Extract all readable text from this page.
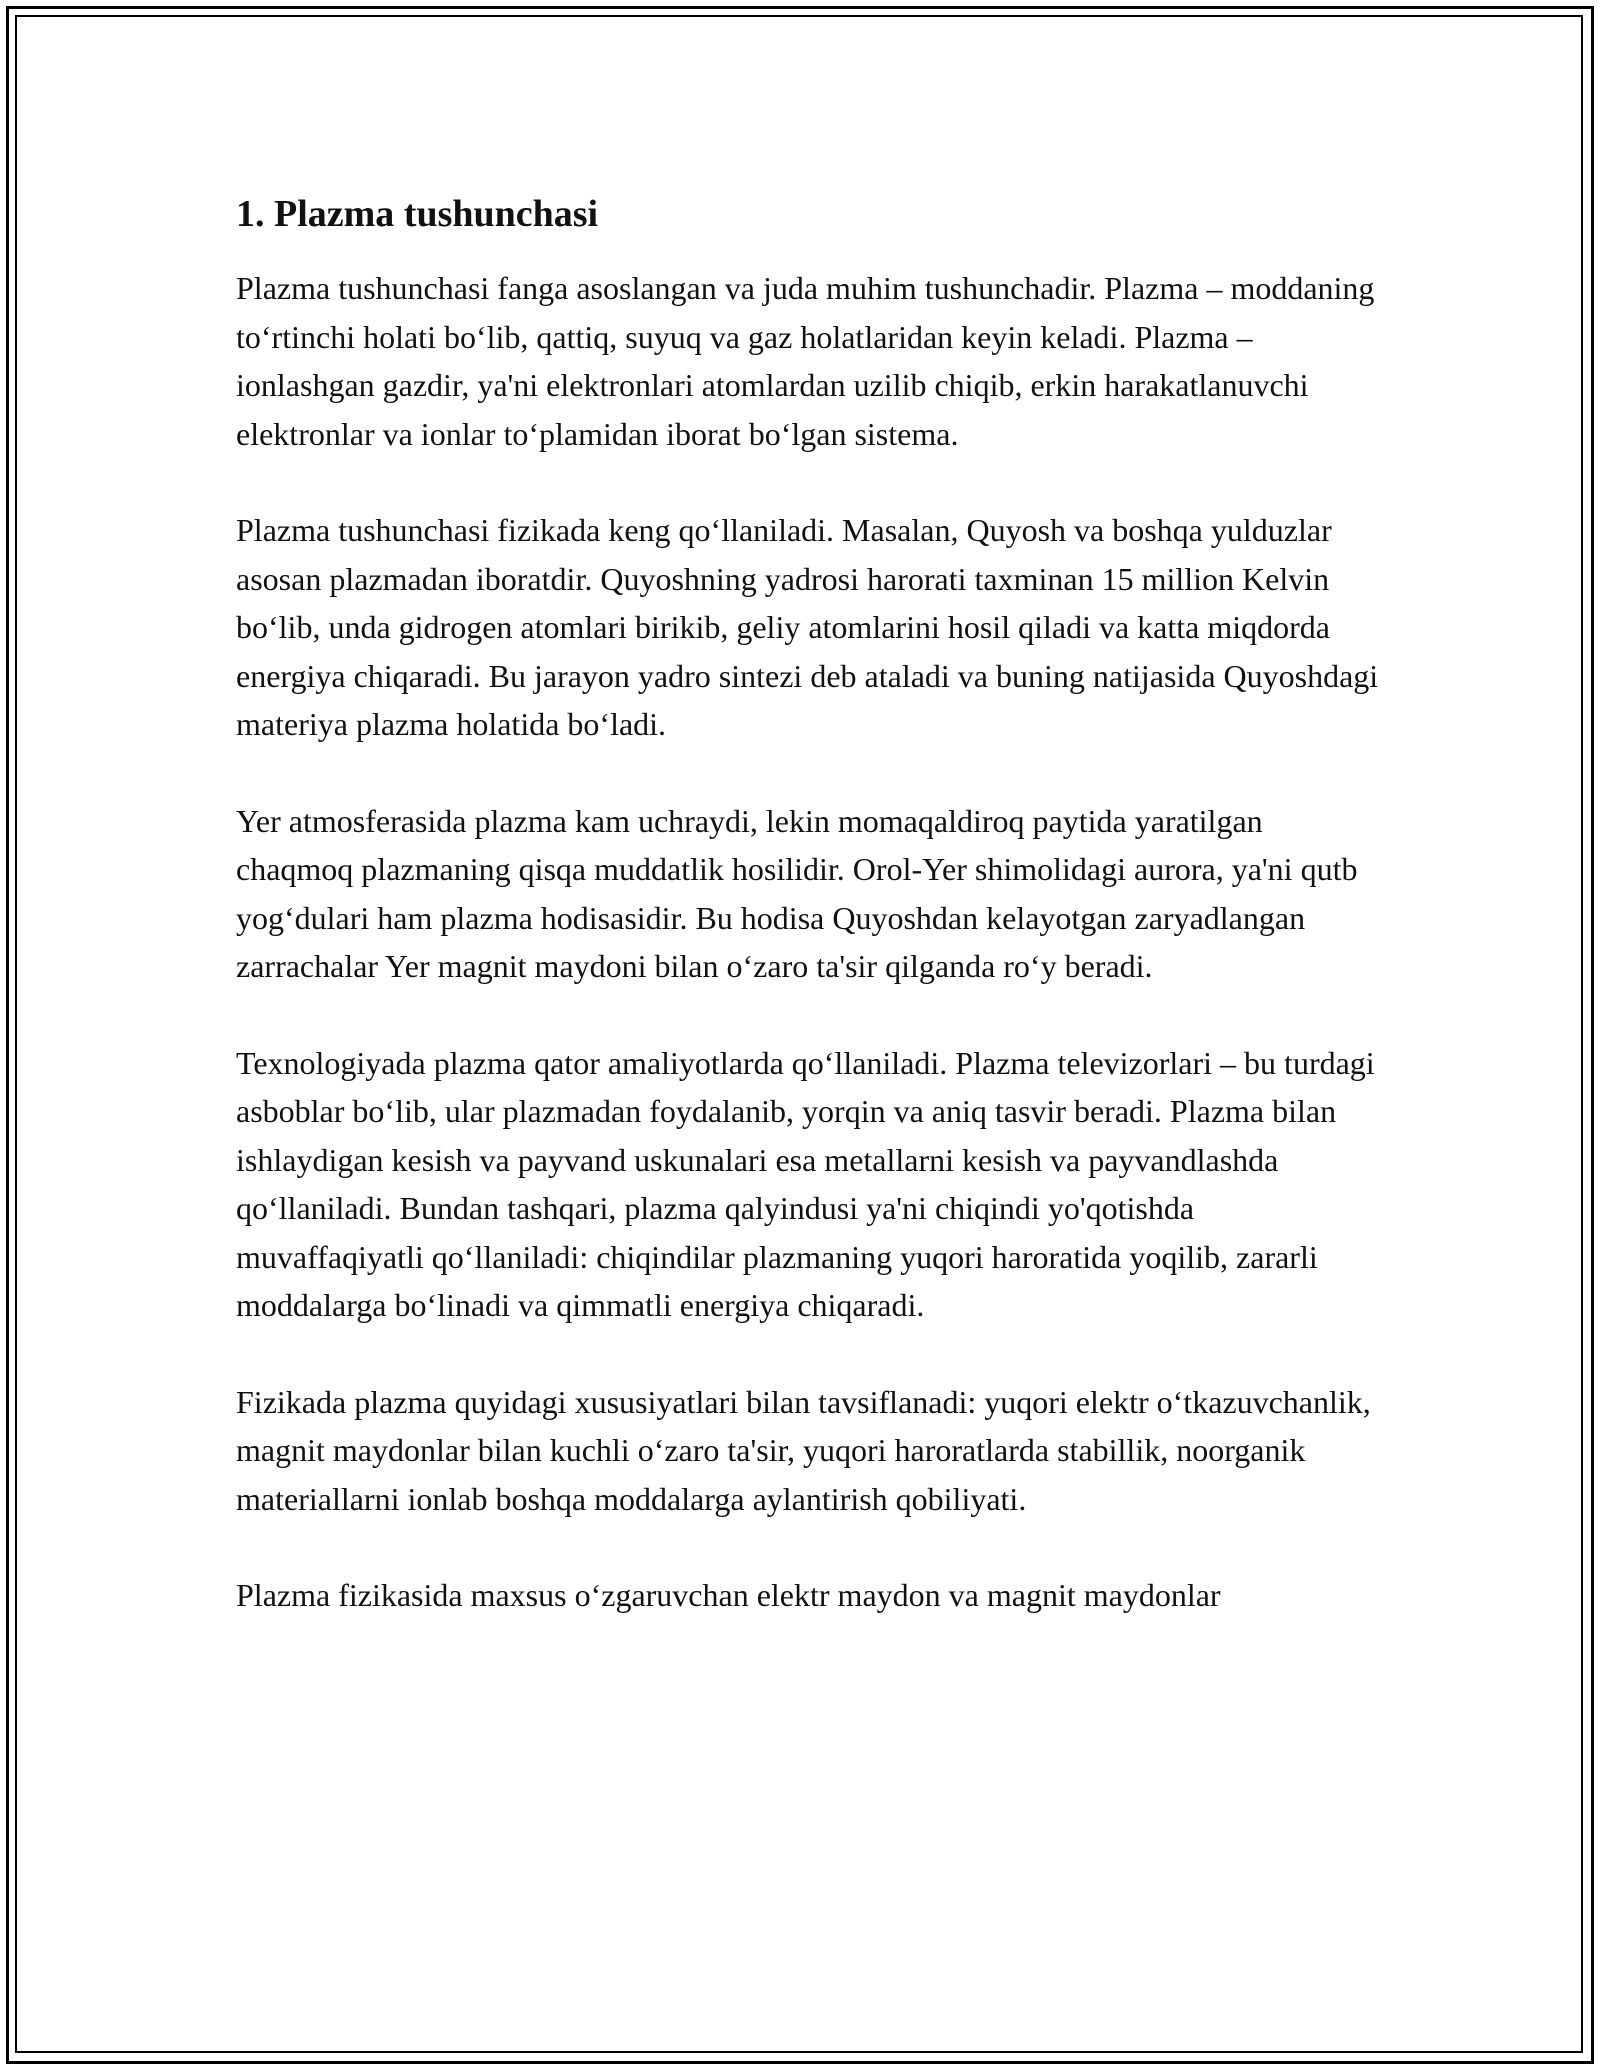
1. Plazma tushunchasi

Plazma tushunchasi fanga asoslangan va juda muhim tushunchadir. Plazma – moddaning toʻrtinchi holati boʻlib, qattiq, suyuq va gaz holatlaridan keyin keladi. Plazma – ionlashgan gazdir, ya'ni elektronlari atomlardan uzilib chiqib, erkin harakatlanuvchi elektronlar va ionlar toʻplamidan iborat boʻlgan sistema.

Plazma tushunchasi fizikada keng qoʻllaniladi. Masalan, Quyosh va boshqa yulduzlar asosan plazmadan iboratdir. Quyoshning yadrosi harorati taxminan 15 million Kelvin boʻlib, unda gidrogen atomlari birikib, geliy atomlarini hosil qiladi va katta miqdorda energiya chiqaradi. Bu jarayon yadro sintezi deb ataladi va buning natijasida Quyoshdagi materiya plazma holatida boʻladi.

Yer atmosferasida plazma kam uchraydi, lekin momaqaldiroq paytida yaratilgan chaqmoq plazmaning qisqa muddatlik hosilidir. Orol-Yer shimolidagi aurora, ya'ni qutb yogʻdulari ham plazma hodisasidir. Bu hodisa Quyoshdan kelayotgan zaryadlangan zarrachalar Yer magnit maydoni bilan oʻzaro ta'sir qilganda roʻy beradi.

Texnologiyada plazma qator amaliyotlarda qoʻllaniladi. Plazma televizorlari – bu turdagi asboblar boʻlib, ular plazmadan foydalanib, yorqin va aniq tasvir beradi. Plazma bilan ishlaydigan kesish va payvand uskunalari esa metallarni kesish va payvandlashda qoʻllaniladi. Bundan tashqari, plazma qalyindusi ya'ni chiqindi yo'qotishda muvaffaqiyatli qoʻllaniladi: chiqindilar plazmaning yuqori haroratida yoqilib, zararli moddalarga boʻlinadi va qimmatli energiya chiqaradi.

Fizikada plazma quyidagi xususiyatlari bilan tavsiflanadi: yuqori elektr oʻtkazuvchanlik, magnit maydonlar bilan kuchli oʻzaro ta'sir, yuqori haroratlarda stabillik, noorganik materiallarni ionlab boshqa moddalarga aylantirish qobiliyati.

Plazma fizikasida maxsus oʻzgaruvchan elektr maydon va magnit maydonlar
